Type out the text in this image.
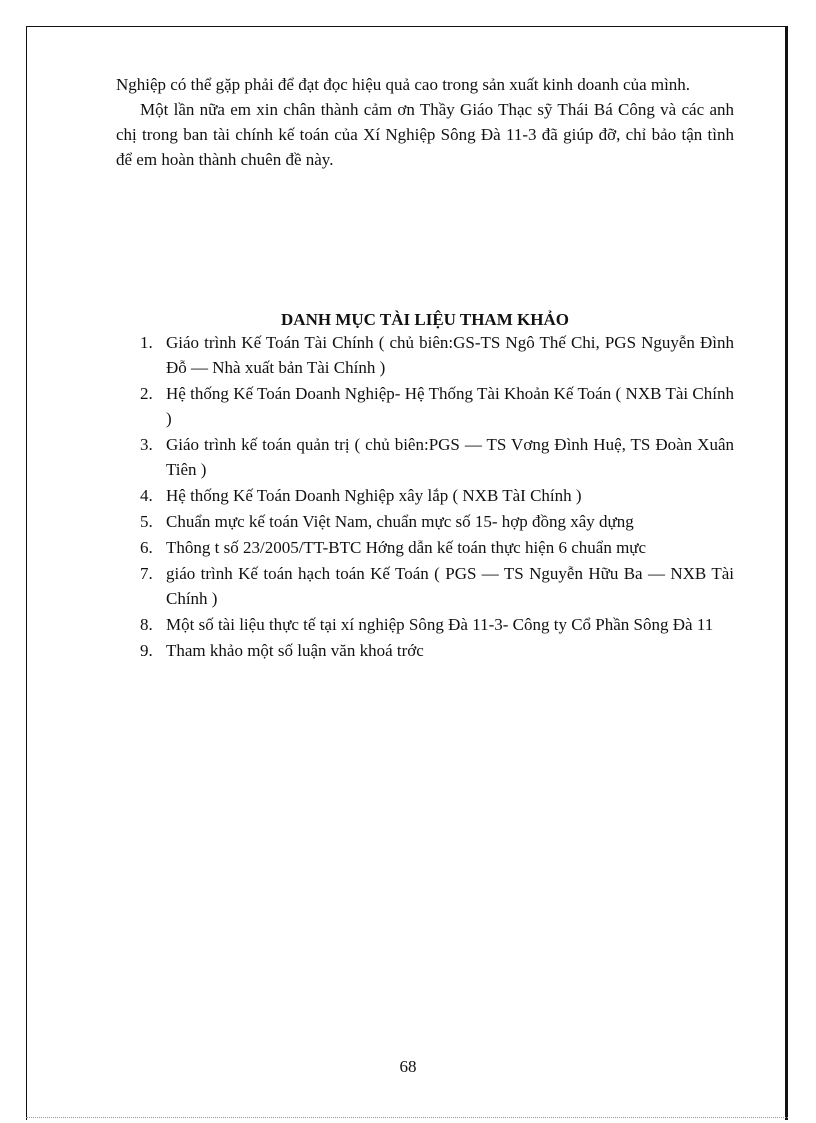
Nghiệp có thể gặp phải để đạt đọc hiệu quả cao trong sản xuất kinh doanh của mình.

Một lần nữa em xin chân thành cảm ơn Thầy Giáo Thạc sỹ Thái Bá Công và các anh chị trong ban tài chính kế toán của Xí Nghiệp Sông Đà 11-3 đã giúp đỡ, chỉ bảo tận tình để em hoàn thành chuên đề này.

DANH MỤC TÀI LIỆU THAM KHẢO
1. Giáo trình Kế Toán Tài Chính ( chủ biên:GS-TS Ngô Thế Chi, PGS Nguyễn Đình Đỗ — Nhà xuất bản Tài Chính )
2. Hệ thống Kế Toán Doanh Nghiệp- Hệ Thống Tài Khoản Kế Toán ( NXB Tài Chính )
3. Giáo trình kế toán quản trị ( chủ biên:PGS — TS Vơng Đình Huệ, TS Đoàn Xuân Tiên )
4. Hệ thống Kế Toán Doanh Nghiệp xây lắp ( NXB TàI Chính )
5. Chuẩn mực kế toán Việt Nam, chuẩn mực số 15- hợp đồng xây dựng
6. Thông t số 23/2005/TT-BTC Hớng dẫn kế toán thực hiện 6 chuẩn mực
7. giáo trình Kế toán hạch toán Kế Toán ( PGS — TS Nguyễn Hữu Ba — NXB Tài Chính )
8. Một số tài liệu thực tế tại xí nghiệp Sông Đà 11-3- Công ty Cổ Phần Sông Đà 11
9. Tham khảo một số luận văn khoá trớc
68
